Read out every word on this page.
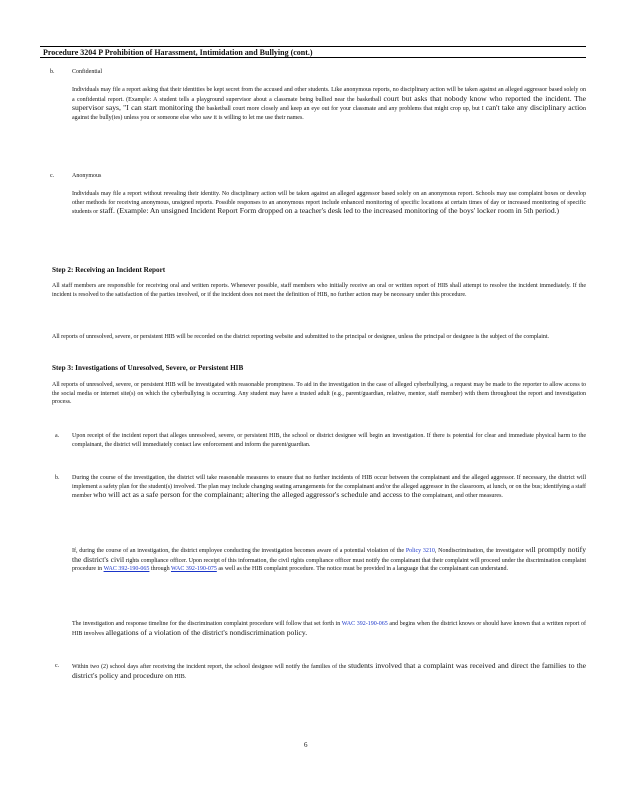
Procedure 3204 P Prohibition of Harassment, Intimidation and Bullying (cont.)
b.	Confidential
Individuals may file a report asking that their identities be kept secret from the accused and other students. Like anonymous reports, no disciplinary action will be taken against an alleged aggressor based solely on a confidential report. (Example: A student tells a playground supervisor about a classmate being bullied near the basketball court but asks that nobody know who reported the incident. The supervisor says, "I can start monitoring the basketball court more closely and keep an eye out for your classmate and any problems that might crop up, but I can't take any disciplinary action against the bully(ies) unless you or someone else who saw it is willing to let me use their names.
c.	Anonymous
Individuals may file a report without revealing their identity. No disciplinary action will be taken against an alleged aggressor based solely on an anonymous report. Schools may use complaint boxes or develop other methods for receiving anonymous, unsigned reports. Possible responses to an anonymous report include enhanced monitoring of specific locations at certain times of day or increased monitoring of specific students or staff. (Example: An unsigned Incident Report Form dropped on a teacher's desk led to the increased monitoring of the boys' locker room in 5th period.)
Step 2: Receiving an Incident Report
All staff members are responsible for receiving oral and written reports. Whenever possible, staff members who initially receive an oral or written report of HIB shall attempt to resolve the incident immediately. If the incident is resolved to the satisfaction of the parties involved, or if the incident does not meet the definition of HIB, no further action may be necessary under this procedure.
All reports of unresolved, severe, or persistent HIB will be recorded on the district reporting website and submitted to the principal or designee, unless the principal or designee is the subject of the complaint.
Step 3: Investigations of Unresolved, Severe, or Persistent HIB
All reports of unresolved, severe, or persistent HIB will be investigated with reasonable promptness. To aid in the investigation in the case of alleged cyberbullying, a request may be made to the reporter to allow access to the social media or internet site(s) on which the cyberbullying is occurring. Any student may have a trusted adult (e.g., parent/guardian, relative, mentor, staff member) with them throughout the report and investigation process.
a. Upon receipt of the incident report that alleges unresolved, severe, or persistent HIB, the school or district designee will begin an investigation. If there is potential for clear and immediate physical harm to the complainant, the district will immediately contact law enforcement and inform the parent/guardian.
b. During the course of the investigation, the district will take reasonable measures to ensure that no further incidents of HIB occur between the complainant and the alleged aggressor. If necessary, the district will implement a safety plan for the student(s) involved. The plan may include changing seating arrangements for the complainant and/or the alleged aggressor in the classroom, at lunch, or on the bus; identifying a staff member who will act as a safe person for the complainant; altering the alleged aggressor's schedule and access to the complainant, and other measures.
If, during the course of an investigation, the district employee conducting the investigation becomes aware of a potential violation of the Policy 3210, Nondiscrimination, the investigator will promptly notify the district's civil rights compliance officer. Upon receipt of this information, the civil rights compliance officer must notify the complainant that their complaint will proceed under the discrimination complaint procedure in WAC 392-190-065 through WAC 392-190-075 as well as the HIB complaint procedure. The notice must be provided in a language that the complainant can understand.
The investigation and response timeline for the discrimination complaint procedure will follow that set forth in WAC 392-190-065 and begins when the district knows or should have known that a written report of HIB involves allegations of a violation of the district's nondiscrimination policy.
c. Within two (2) school days after receiving the incident report, the school designee will notify the families of the students involved that a complaint was received and direct the families to the district's policy and procedure on HIB.
6
